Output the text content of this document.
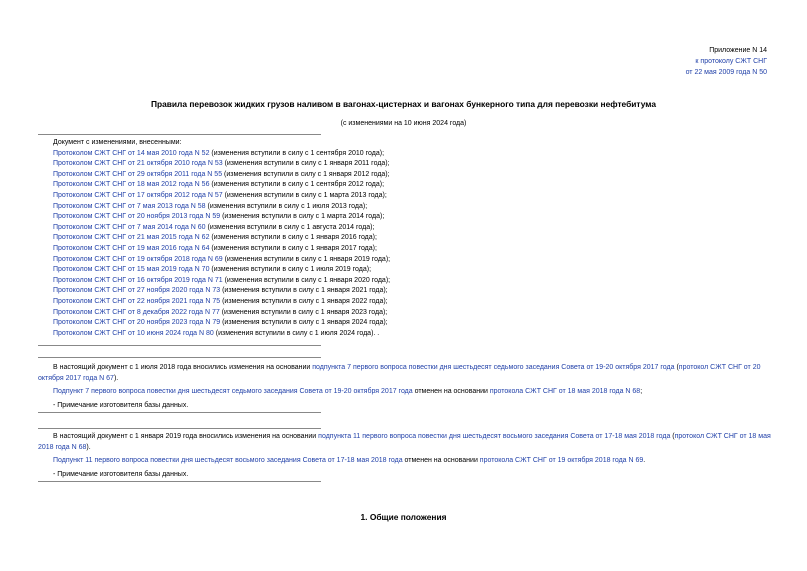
Приложение N 14
к протоколу СЖТ СНГ
от 22 мая 2009 года N 50
Правила перевозок жидких грузов наливом в вагонах-цистернах и вагонах бункерного типа для перевозки нефтебитума
(с изменениями на 10 июня 2024 года)
Документ с изменениями, внесенными:
Протоколом СЖТ СНГ от 14 мая 2010 года N 52 (изменения вступили в силу с 1 сентября 2010 года);
Протоколом СЖТ СНГ от 21 октября 2010 года N 53 (изменения вступили в силу с 1 января 2011 года);
Протоколом СЖТ СНГ от 29 октября 2011 года N 55 (изменения вступили в силу с 1 января 2012 года);
Протоколом СЖТ СНГ от 18 мая 2012 года N 56 (изменения вступили в силу с 1 сентября 2012 года);
Протоколом СЖТ СНГ от 17 октября 2012 года N 57 (изменения вступили в силу с 1 марта 2013 года);
Протоколом СЖТ СНГ от 7 мая 2013 года N 58 (изменения вступили в силу с 1 июля 2013 года);
Протоколом СЖТ СНГ от 20 ноября 2013 года N 59 (изменения вступили в силу с 1 марта 2014 года);
Протоколом СЖТ СНГ от 7 мая 2014 года N 60 (изменения вступили в силу с 1 августа 2014 года);
Протоколом СЖТ СНГ от 21 мая 2015 года N 62 (изменения вступили в силу с 1 января 2016 года);
Протоколом СЖТ СНГ от 19 мая 2016 года N 64 (изменения вступили в силу с 1 января 2017 года);
Протоколом СЖТ СНГ от 19 октября 2018 года N 69 (изменения вступили в силу с 1 января 2019 года);
Протоколом СЖТ СНГ от 15 мая 2019 года N 70 (изменения вступили в силу с 1 июля 2019 года);
Протоколом СЖТ СНГ от 16 октября 2019 года N 71 (изменения вступили в силу с 1 января 2020 года);
Протоколом СЖТ СНГ от 27 ноября 2020 года N 73 (изменения вступили в силу с 1 января 2021 года);
Протоколом СЖТ СНГ от 22 ноября 2021 года N 75 (изменения вступили в силу с 1 января 2022 года);
Протоколом СЖТ СНГ от 8 декабря 2022 года N 77 (изменения вступили в силу с 1 января 2023 года);
Протоколом СЖТ СНГ от 20 ноября 2023 года N 79 (изменения вступили в силу с 1 января 2024 года);
Протоколом СЖТ СНГ от 10 июня 2024 года N 80 (изменения вступили в силу с 1 июля 2024 года). .

В настоящий документ с 1 июля 2018 года вносились изменения на основании подпункта 7 первого вопроса повестки дня шестьдесят седьмого заседания Совета от 19-20 октября 2017 года (протокол СЖТ СНГ от 20 октября 2017 года N 67).

Подпункт 7 первого вопроса повестки дня шестьдесят седьмого заседания Совета от 19-20 октября 2017 года отменен на основании протокола СЖТ СНГ от 18 мая 2018 года N 68;

- Примечание изготовителя базы данных.

В настоящий документ с 1 января 2019 года вносились изменения на основании подпункта 11 первого вопроса повестки дня шестьдесят восьмого заседания Совета от 17-18 мая 2018 года (протокол СЖТ СНГ от 18 мая 2018 года N 68).

Подпункт 11 первого вопроса повестки дня шестьдесят восьмого заседания Совета от 17-18 мая 2018 года отменен на основании протокола СЖТ СНГ от 19 октября 2018 года N 69.

- Примечание изготовителя базы данных.

1. Общие положения
